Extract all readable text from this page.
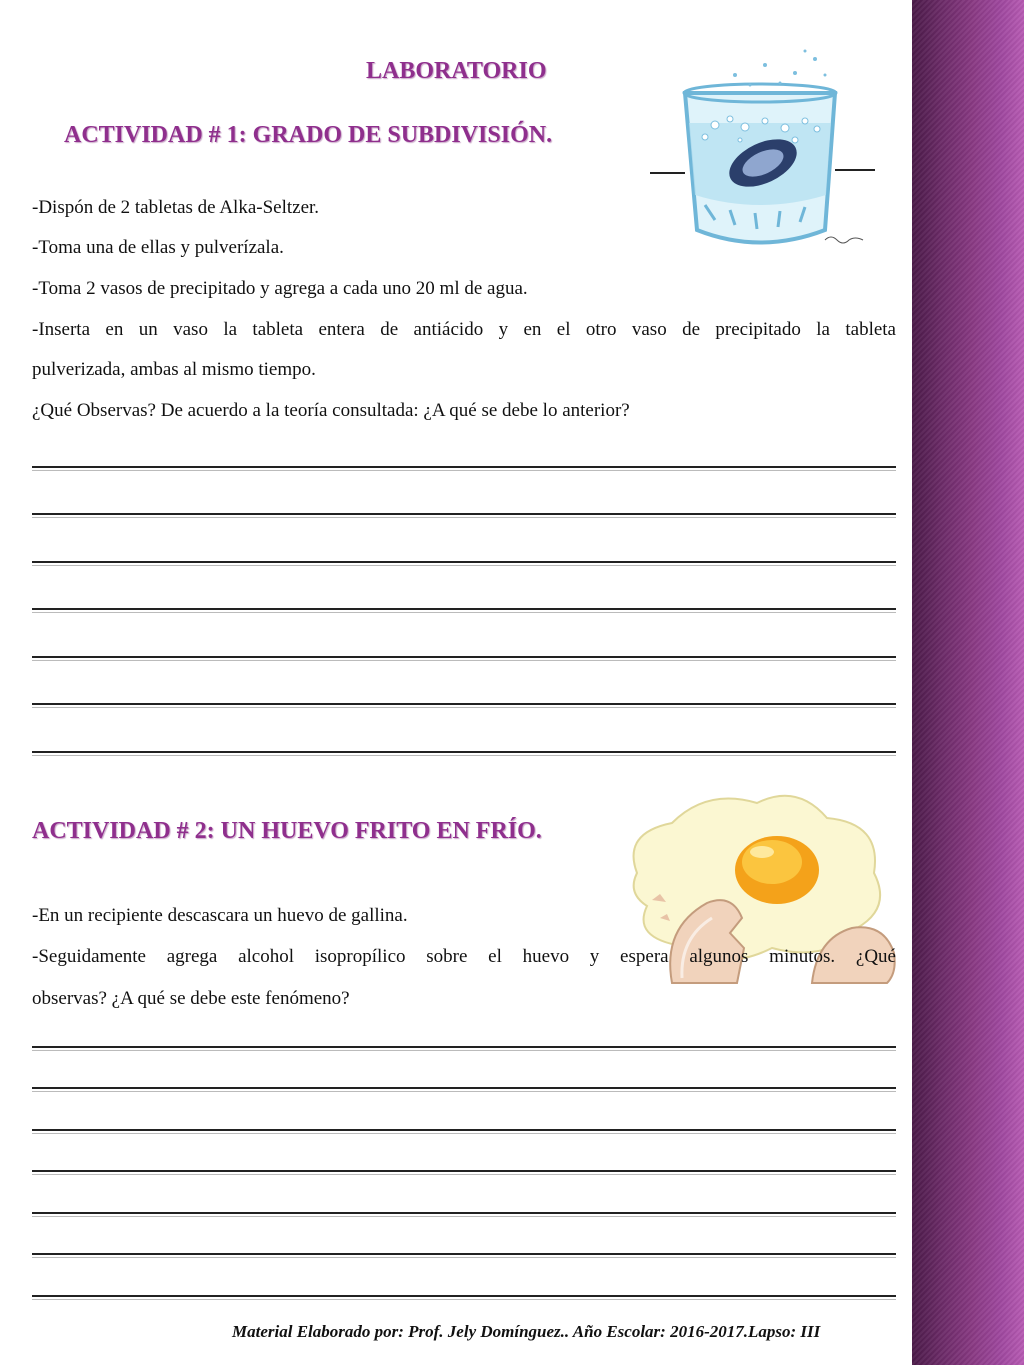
LABORATORIO
ACTIVIDAD # 1: GRADO DE SUBDIVISIÓN.
-Dispón de 2 tabletas de Alka-Seltzer.
-Toma una de ellas y pulverízala.
-Toma 2 vasos de precipitado y agrega a cada uno 20 ml de agua.
-Inserta en un vaso la tableta entera de antiácido y en el otro vaso de precipitado la tableta
pulverizada, ambas al mismo tiempo.
¿Qué Observas? De acuerdo a la teoría consultada: ¿A qué se debe lo anterior?
ACTIVIDAD # 2: UN HUEVO FRITO EN FRÍO.
-En un recipiente descascara un huevo de gallina.
-Seguidamente agrega alcohol isopropílico sobre el huevo y espera algunos minutos. ¿Qué
observas? ¿A qué se debe este fenómeno?
Material Elaborado por: Prof. Jely Domínguez.. Año Escolar: 2016-2017.Lapso: III
